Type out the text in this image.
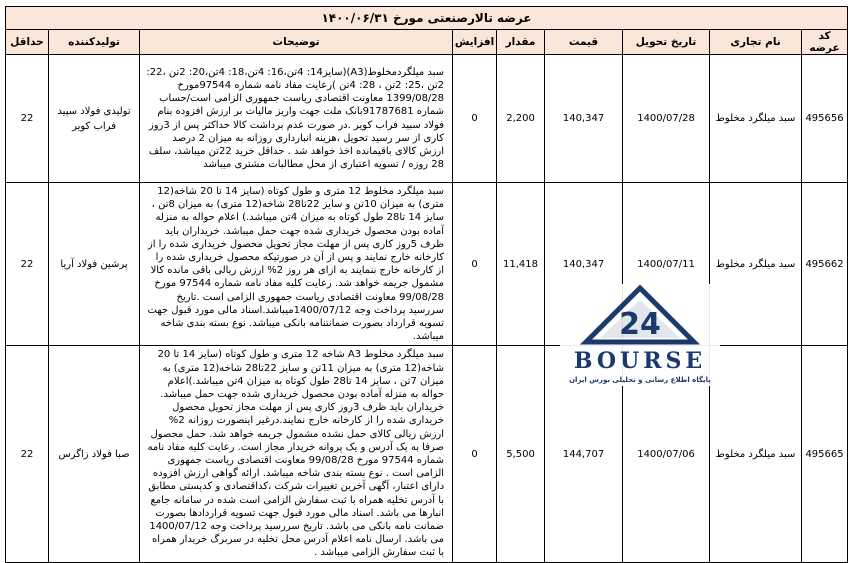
عرضه تالارصنعتی مورخ ۱۴۰۰/۰۶/۳۱								
کد عرضه	نام تجاری	تاریخ تحویل	قیمت	مقدار	افزایش	توضیحات	تولیدکننده	حداقل
495656	سبد میلگرد مخلوط	1400/07/28	140,347	2,200	0	سبد میلگردمخلوط(A3)(سایز14: 4تن،16: 4تن،18: 4تن،20: 2تن ،22: 2تن ،25: 2تن ، 28: 4تن )رعایت مفاد نامه شماره 97544مورخ 1399/08/28 معاونت اقتصادی ریاست جمهوری الزامی است/حساب شماره 91787681بانک ملت جهت واریز مالیات بر ارزش افزوده بنام فولاد سبید فراب کویر .در صورت عدم برداشت کالا حداکثر پس از 3روز کاری از سر رسید تحویل ،هزینه انبارداری روزانه به میزان 2 درصد ارزش کالای باقیمانده اخذ خواهد شد . حداقل خرید 22تن میباشد، سلف 28 روزه / تسویه اعتباری از محل مطالبات مشتری میباشد	تولیدی فولاد سپید فراب کویر	22
495662	سبد میلگرد مخلوط	1400/07/11	140,347	11,418	0	سبد میلگرد مخلوط 12 متری و طول کوتاه (سایز 14 تا 20 شاخه(12 متری) به میزان 10تن و سایز 22تا28 شاخه(12 متری) به میزان 8تن ، سایز 14 تا28 طول کوتاه به میزان 4تن میباشد.) اعلام حواله به منزله آماده بودن محصول خریداری شده جهت حمل میباشد. خریداران باید ظرف 5روز کاری پس از مهلت مجاز تحویل محصول خریداری شده را از کارخانه خارج نمایند و پس از آن در صورتیکه محصول خریداری شده را از کارخانه خارج ننمایند به ازای هر روز 2% ارزش ریالی باقی مانده کالا مشمول جریمه خواهد شد. رعایت کلیه مفاد نامه شماره 97544 مورخ 99/08/28 معاونت اقتصادی ریاست جمهوری الزامی است .تاریخ سررسید پرداخت وجه 1400/07/12میباشد.اسناد مالی مورد قبول جهت تسویه قرارداد بصورت ضمانتنامه بانکی میباشد. نوع بسته بندی شاخه میباشد.	پرشین فولاد آریا	22
495665	سبد میلگرد مخلوط	1400/07/06	144,707	5,500	0	سبد میلگرد مخلوط A3 شاخه 12 متری و طول کوتاه (سایز 14 تا 20 شاخه(12 متری) به میزان 11تن و سایز 22تا28 شاخه(12 متری) به میزان 7تن ، سایز 14 تا28 طول کوتاه به میزان 4تن میباشد.)اعلام حواله به منزله آماده بودن محصول خریداری شده جهت حمل میباشد. خریداران باید ظرف 3روز کاری پس از مهلت مجاز تحویل محصول خریداری شده را از کارخانه خارج نمایند.درغیر اینصورت روزانه 2% ارزش ریالی کالای حمل نشده مشمول جریمه خواهد شد. حمل محصول صرفا به یک آدرس و یک پروانه خریدار مجاز است. رعایت کلیه مفاد نامه شماره 97544 مورخ 99/08/28 معاونت اقتصادی ریاست جمهوری الزامی است . نوع بسته بندی شاخه میباشد. ارائه گواهی ارزش افزوده دارای اعتبار، آگهی آخرین تغییرات شرکت ،کداقتصادی و کدپستی مطابق با آدرس تخلیه همراه با ثبت سفارش الزامی است شده در سامانه جامع انبارها می باشد. اسناد مالی مورد قبول جهت تسویه قراردادها بصورت ضمانت نامه بانکی می باشد. تاریخ سررسید پرداخت وجه 1400/07/12 می باشد. ارسال نامه اعلام آدرس محل تخلیه در سربرگ خریدار همراه با ثبت سفارش الزامی میباشد .	صبا فولاد زاگرس	22
24
BOURSE
پایگاه اطلاع رسانی و تحلیلی بورس ایران
